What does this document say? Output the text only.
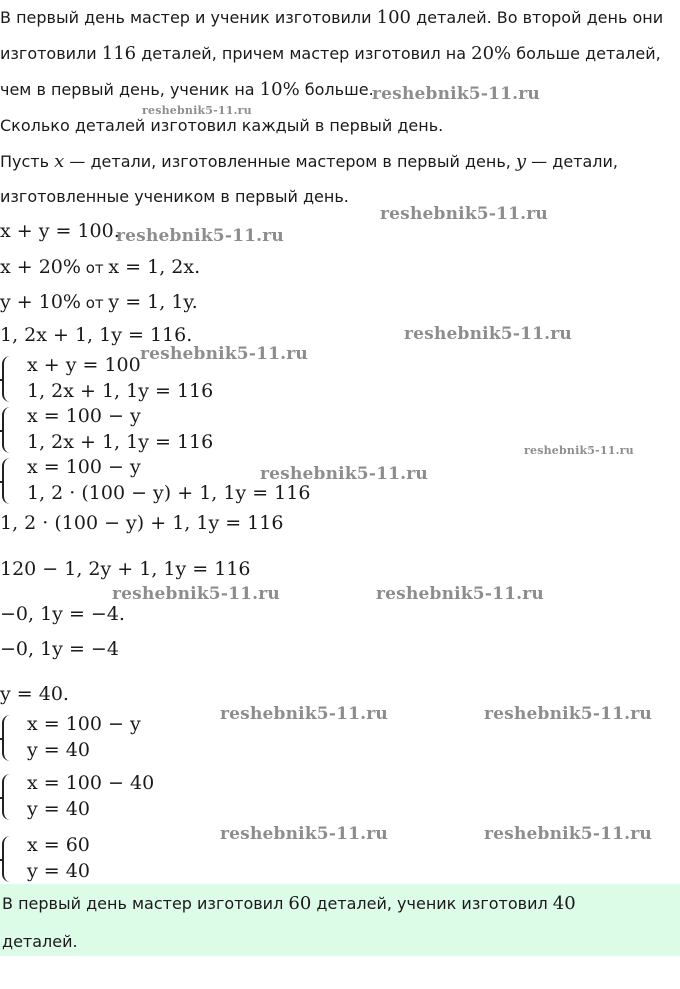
В первый день мастер и ученик изготовили 100 деталей. Во второй день они
изготовили 116 деталей, причем мастер изготовил на 20% больше деталей,
чем в первый день, ученик на 10% больше.
Сколько деталей изготовил каждый в первый день.
Пусть x — детали, изготовленные мастером в первый день, y — детали,
изготовленные учеником в первый день.
x + y = 100.
x + 20% от x = 1, 2x.
y + 10% от y = 1, 1y.
1, 2x + 1, 1y = 116.
x + y = 100
1, 2x + 1, 1y = 116
x = 100 − y
1, 2x + 1, 1y = 116
x = 100 − y
1, 2 · (100 − y) + 1, 1y = 116
1, 2 · (100 − y) + 1, 1y = 116
120 − 1, 2y + 1, 1y = 116
−0, 1y = −4.
−0, 1y = −4
y = 40.
x = 100 − y
y = 40
x = 100 − 40
y = 40
x = 60
y = 40
В первый день мастер изготовил 60 деталей, ученик изготовил 40
деталей.
reshebnik5-11.ru
reshebnik5-11.ru
reshebnik5-11.ru
reshebnik5-11.ru
reshebnik5-11.ru
reshebnik5-11.ru
reshebnik5-11.ru
reshebnik5-11.ru
reshebnik5-11.ru	reshebnik5-11.ru
reshebnik5-11.ru	reshebnik5-11.ru
reshebnik5-11.ru	reshebnik5-11.ru
